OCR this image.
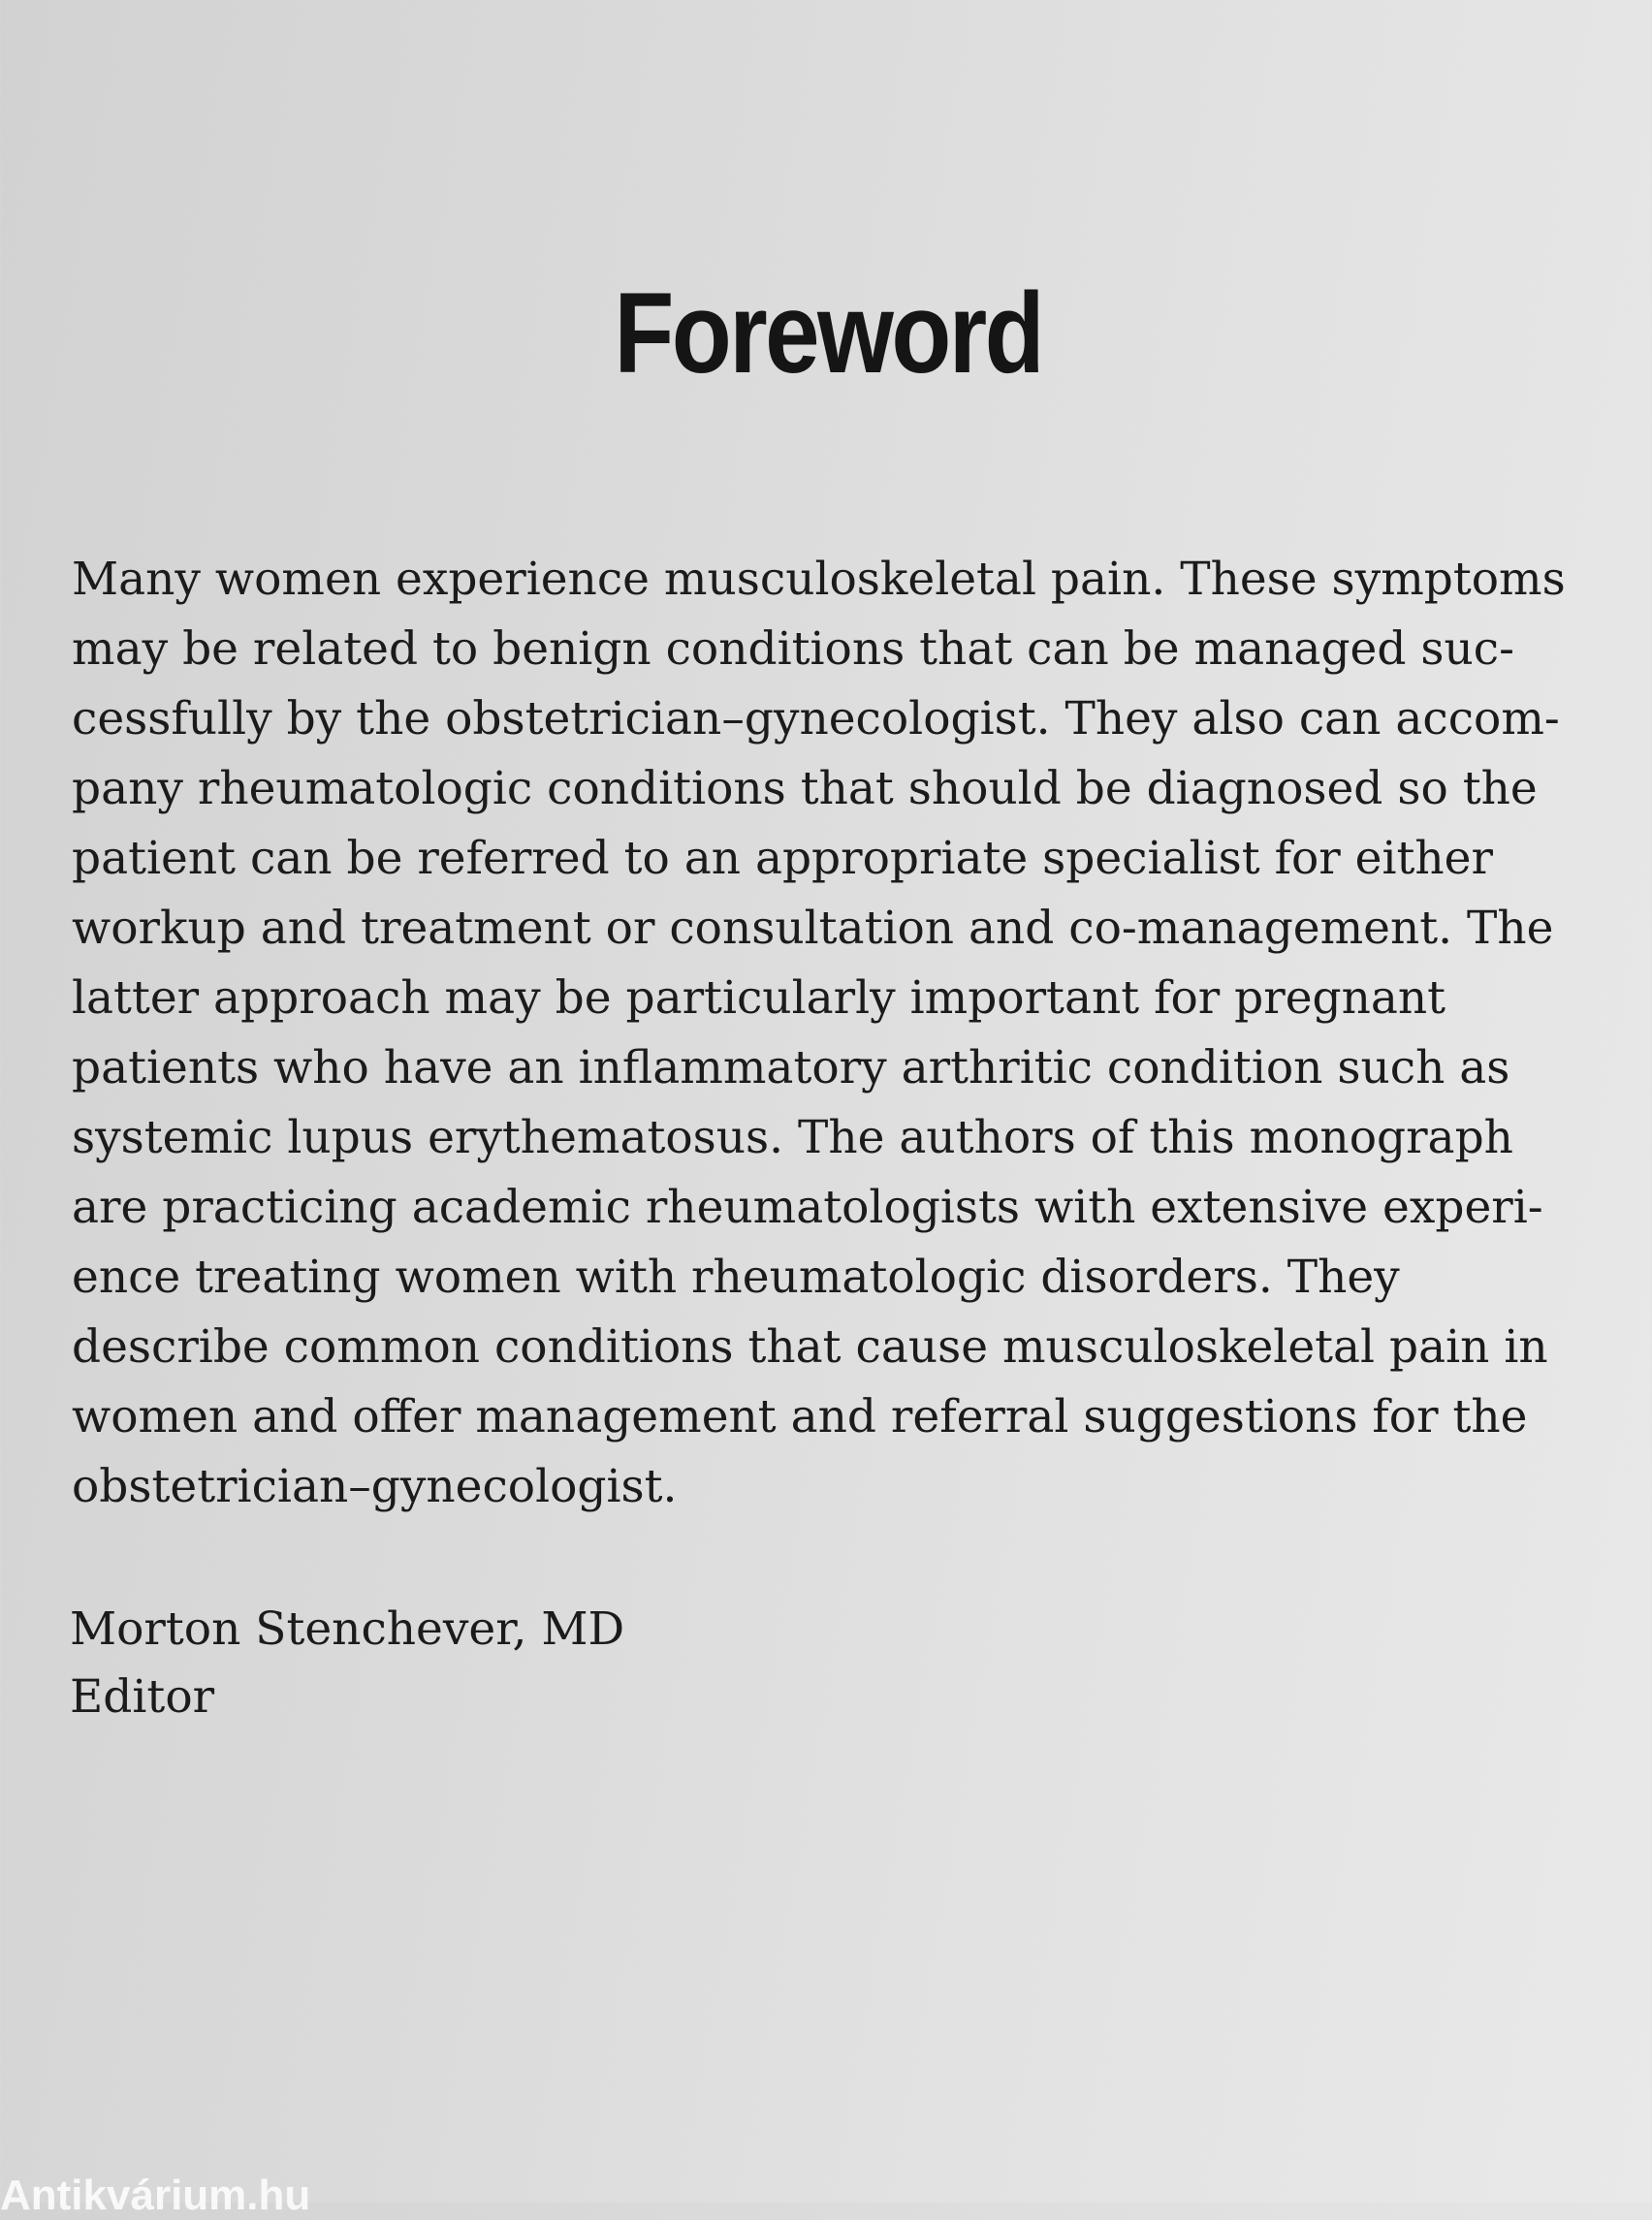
Foreword
Many women experience musculoskeletal pain. These symptoms
may be related to benign conditions that can be managed suc-
cessfully by the obstetrician–gynecologist. They also can accom-
pany rheumatologic conditions that should be diagnosed so the
patient can be referred to an appropriate specialist for either
workup and treatment or consultation and co-management. The
latter approach may be particularly important for pregnant
patients who have an inflammatory arthritic condition such as
systemic lupus erythematosus. The authors of this monograph
are practicing academic rheumatologists with extensive experi-
ence treating women with rheumatologic disorders. They
describe common conditions that cause musculoskeletal pain in
women and offer management and referral suggestions for the
obstetrician–gynecologist.
Morton Stenchever, MD
Editor
Antikvárium.hu
